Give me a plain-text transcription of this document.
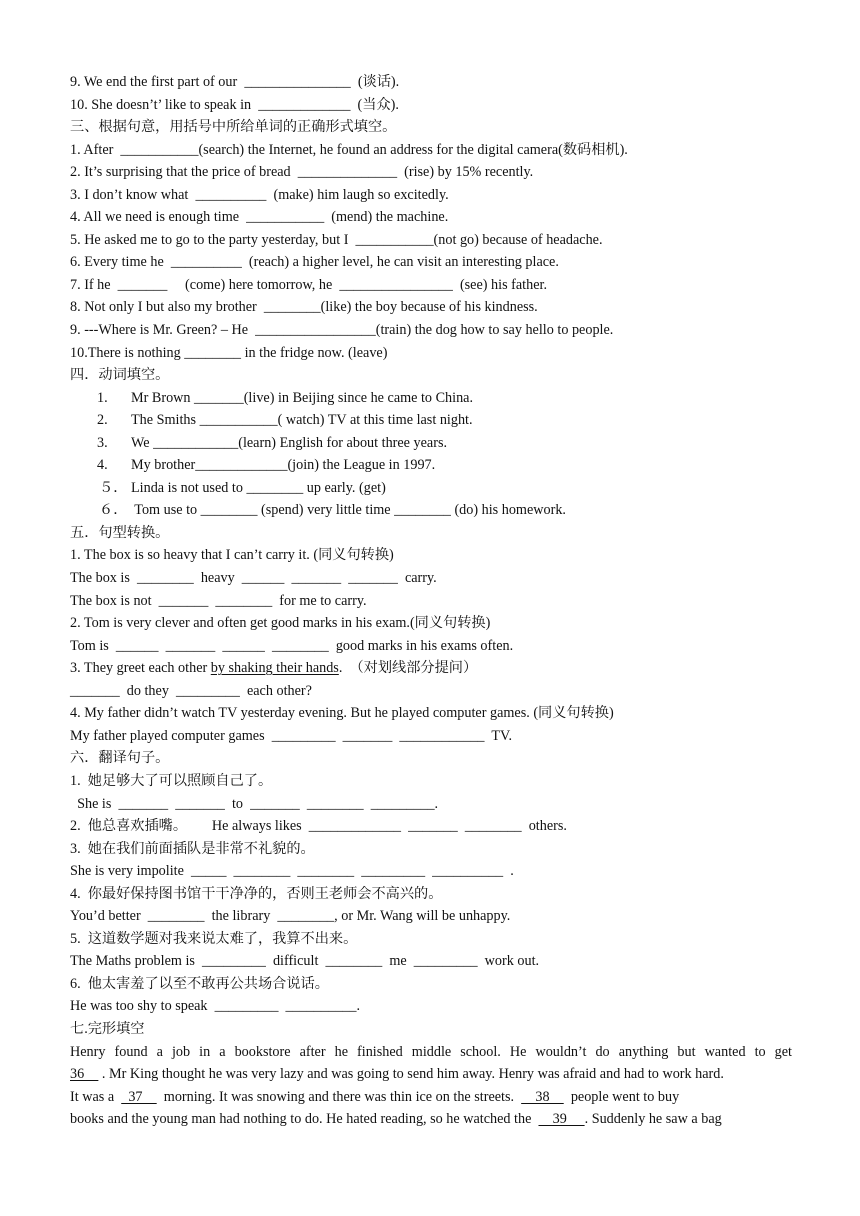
9. We end the first part of our  _______________  (谈话).
10. She doesn’t’ like to speak in  _____________  (当众).
三、根据句意，用括号中所给单词的正确形式填空。
1. After  ___________(search) the Internet, he found an address for the digital camera(数码相机).
2. It’s surprising that the price of bread  ______________  (rise) by 15% recently.
3. I don’t know what  __________  (make) him laugh so excitedly.
4. All we need is enough time  ___________  (mend) the machine.
5. He asked me to go to the party yesterday, but I  ___________(not go) because of headache.
6. Every time he  __________  (reach) a higher level, he can visit an interesting place.
7. If he  _______     (come) here tomorrow, he  ________________  (see) his father.
8. Not only I but also my brother  ________(like) the boy because of his kindness.
9. ---Where is Mr. Green? – He  _________________(train) the dog how to say hello to people.
10.There is nothing ________ in the fridge now. (leave)
四．动词填空。
1. Mr Brown _______(live) in Beijing since he came to China.
2. The Smiths ___________( watch) TV at this time last night.
3. We ____________(learn) English for about three years.
4. My brother_____________(join) the League in 1997.
５． Linda is not used to ________ up early. (get)
６． Tom use to ________ (spend) very little time ________ (do) his homework.
五．句型转换。
1. The box is so heavy that I can’t carry it. (同义句转换)
The box is  ________  heavy  ______  _______  _______  carry.
The box is not  _______  ________  for me to carry.
2. Tom is very clever and often get good marks in his exam.(同义句转换)
Tom is  ______  _______  ______  ________  good marks in his exams often.
3. They greet each other by shaking their hands.  （对划线部分提问）
_______  do they  _________  each other?
4. My father didn’t watch TV yesterday evening. But he played computer games. (同义句转换)
My father played computer games  _________  _______  ____________  TV.
六．翻译句子。
1.  她足够大了可以照顾自己了。
She is  _______  _______  to  _______  ________  _________.
2.  他总喜欢插嘴。       He always likes  _____________  _______  ________  others.
3.  她在我们前面插队是非常不礼貌的。
She is very impolite  _____  ________  ________  _________  __________  .
4.  你最好保持图书馆干干净净的，否则王老师会不高兴的。
You’d better  ________  the library  ________, or Mr. Wang will be unhappy.
5.  这道数学题对我来说太难了，我算不出来。
The Maths problem is  _________  difficult  ________  me  _________  work out.
6.  他太害羞了以至不敢再公共场合说话。
He was too shy to speak  _________  __________.
七.完形填空
Henry found a job in a bookstore after he finished middle school. He wouldn’t do anything but wanted to get
36     . Mr King thought he was very lazy and was going to send him away. Henry was afraid and had to work hard.
It was a    37      morning. It was snowing and there was thin ice on the streets.      38      people went to buy
books and the young man had nothing to do. He hated reading, so he watched the      39     . Suddenly he saw a bag
